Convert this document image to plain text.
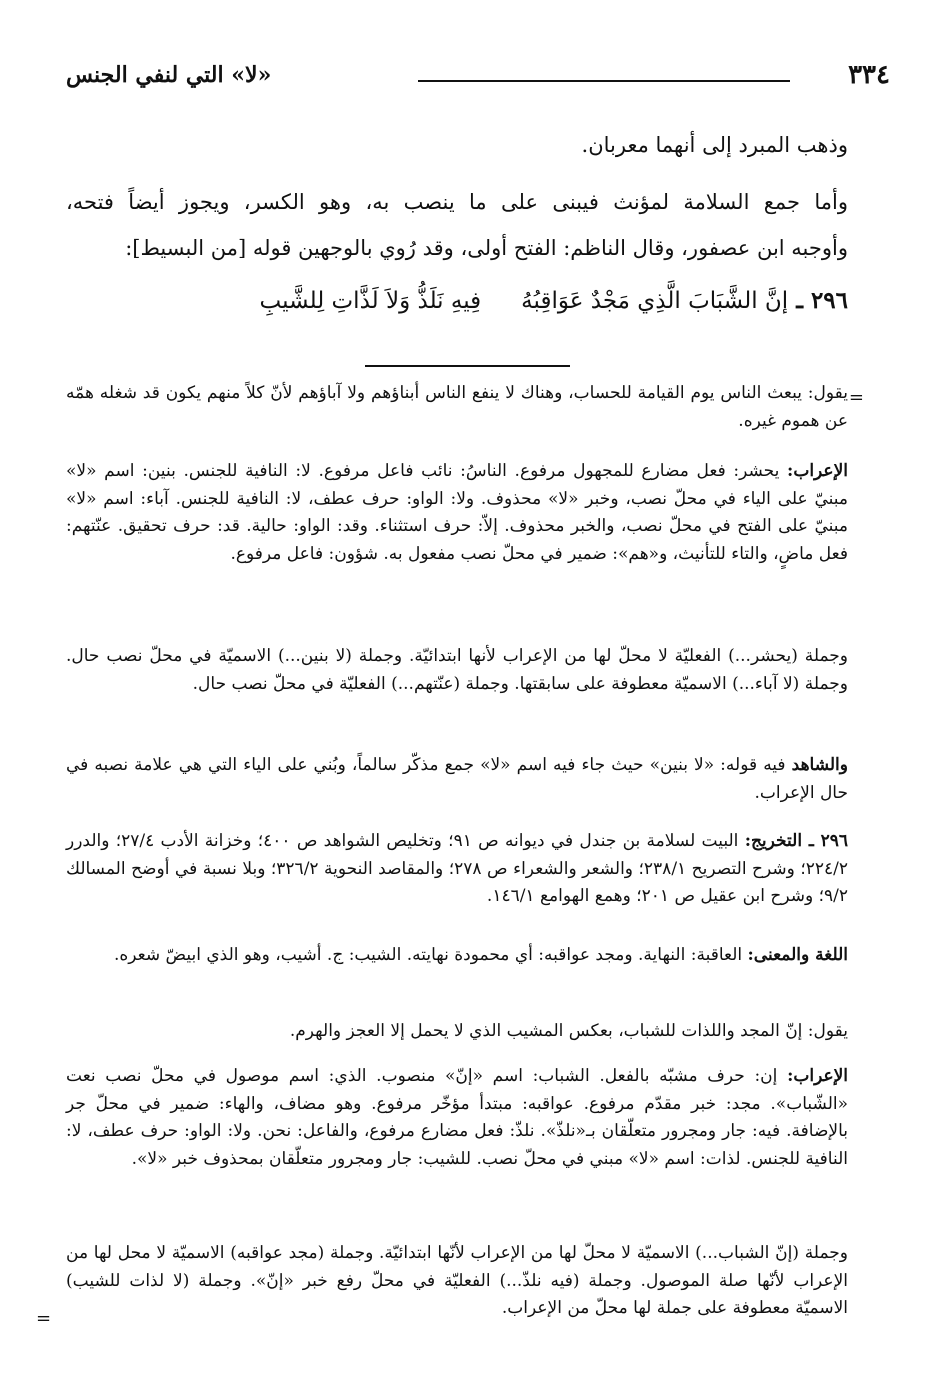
٣٣٤
«لا» التي لنفي الجنس

وذهب المبرد إلى أنهما معربان.

وأما جمع السلامة لمؤنث فيبنى على ما ينصب به، وهو الكسر، ويجوز أيضاً فتحه،

وأوجبه ابن عصفور، وقال الناظم: الفتح أولى، وقد رُوي بالوجهين قوله [من البسيط]:

٢٩٦ ـ
إنَّ الشَّبَابَ الَّذِي مَجْدٌ عَوَاقِبُهُ
فِيهِ نَلَذُّ وَلاَ لَذَّاتِ لِلشَّيبِ
=

يقول: يبعث الناس يوم القيامة للحساب، وهناك لا ينفع الناس أبناؤهم ولا آباؤهم لأنّ كلاً منهم يكون قد شغله همّه عن هموم غيره.

الإعراب: يحشر: فعل مضارع للمجهول مرفوع. الناسُ: نائب فاعل مرفوع. لا: النافية للجنس. بنين: اسم «لا» مبنيّ على الياء في محلّ نصب، وخبر «لا» محذوف. ولا: الواو: حرف عطف، لا: النافية للجنس. آباء: اسم «لا» مبنيّ على الفتح في محلّ نصب، والخبر محذوف. إلاّ: حرف استثناء. وقد: الواو: حالية. قد: حرف تحقيق. عنّتهم: فعل ماضٍ، والتاء للتأنيث، و«هم»: ضمير في محلّ نصب مفعول به. شؤون: فاعل مرفوع.

وجملة (يحشر...) الفعليّة لا محلّ لها من الإعراب لأنها ابتدائيّة. وجملة (لا بنين...) الاسميّة في محلّ نصب حال. وجملة (لا آباء...) الاسميّة معطوفة على سابقتها. وجملة (عنّتهم...) الفعليّة في محلّ نصب حال.

والشاهد فيه قوله: «لا بنين» حيث جاء فيه اسم «لا» جمع مذكّر سالماً، وبُني على الياء التي هي علامة نصبه في حال الإعراب.

٢٩٦ ـ التخريج: البيت لسلامة بن جندل في ديوانه ص ٩١؛ وتخليص الشواهد ص ٤٠٠؛ وخزانة الأدب ٢٧/٤؛ والدرر ٢٢٤/٢؛ وشرح التصريح ٢٣٨/١؛ والشعر والشعراء ص ٢٧٨؛ والمقاصد النحوية ٣٢٦/٢؛ وبلا نسبة في أوضح المسالك ٩/٢؛ وشرح ابن عقيل ص ٢٠١؛ وهمع الهوامع ١٤٦/١.

اللغة والمعنى: العاقبة: النهاية. ومجد عواقبه: أي محمودة نهايته. الشيب: ج. أشيب، وهو الذي ابيضّ شعره.

يقول: إنّ المجد واللذات للشباب، بعكس المشيب الذي لا يحمل إلا العجز والهرم.

الإعراب: إن: حرف مشبّه بالفعل. الشباب: اسم «إنّ» منصوب. الذي: اسم موصول في محلّ نصب نعت «الشّباب». مجد: خبر مقدّم مرفوع. عواقبه: مبتدأ مؤخّر مرفوع. وهو مضاف، والهاء: ضمير في محلّ جر بالإضافة. فيه: جار ومجرور متعلّقان بـ«نلذّ». نلذّ: فعل مضارع مرفوع، والفاعل: نحن. ولا: الواو: حرف عطف، لا: النافية للجنس. لذات: اسم «لا» مبني في محلّ نصب. للشيب: جار ومجرور متعلّقان بمحذوف خبر «لا».

وجملة (إنّ الشباب...) الاسميّة لا محلّ لها من الإعراب لأنّها ابتدائيّة. وجملة (مجد عواقبه) الاسميّة لا محل لها من الإعراب لأنّها صلة الموصول. وجملة (فيه نلذّ...) الفعليّة في محلّ رفع خبر «إنّ». وجملة (لا لذات للشيب) الاسميّة معطوفة على جملة لها محلّ من الإعراب.

=
